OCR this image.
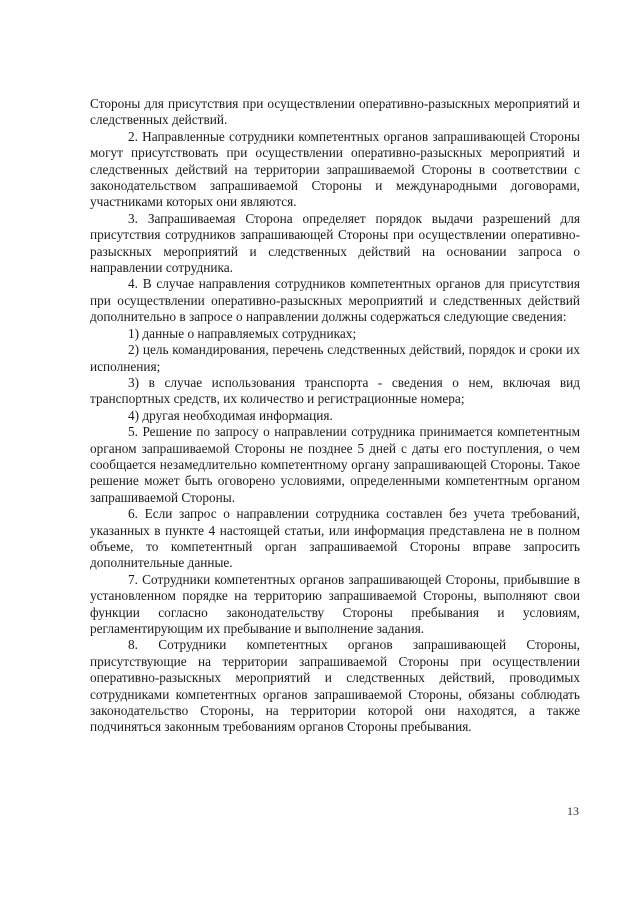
Стороны для присутствия при осуществлении оперативно-разыскных мероприятий и следственных действий.

2. Направленные сотрудники компетентных органов запрашивающей Стороны могут присутствовать при осуществлении оперативно-разыскных мероприятий и следственных действий на территории запрашиваемой Стороны в соответствии с законодательством запрашиваемой Стороны и международными договорами, участниками которых они являются.

3. Запрашиваемая Сторона определяет порядок выдачи разрешений для присутствия сотрудников запрашивающей Стороны при осуществлении оперативно-разыскных мероприятий и следственных действий на основании запроса о направлении сотрудника.

4. В случае направления сотрудников компетентных органов для присутствия при осуществлении оперативно-разыскных мероприятий и следственных действий дополнительно в запросе о направлении должны содержаться следующие сведения:

1) данные о направляемых сотрудниках;

2) цель командирования, перечень следственных действий, порядок и сроки их исполнения;

3) в случае использования транспорта - сведения о нем, включая вид транспортных средств, их количество и регистрационные номера;

4) другая необходимая информация.

5. Решение по запросу о направлении сотрудника принимается компетентным органом запрашиваемой Стороны не позднее 5 дней с даты его поступления, о чем сообщается незамедлительно компетентному органу запрашивающей Стороны. Такое решение может быть оговорено условиями, определенными компетентным органом запрашиваемой Стороны.

6. Если запрос о направлении сотрудника составлен без учета требований, указанных в пункте 4 настоящей статьи, или информация представлена не в полном объеме, то компетентный орган запрашиваемой Стороны вправе запросить дополнительные данные.

7. Сотрудники компетентных органов запрашивающей Стороны, прибывшие в установленном порядке на территорию запрашиваемой Стороны, выполняют свои функции согласно законодательству Стороны пребывания и условиям, регламентирующим их пребывание и выполнение задания.

8. Сотрудники компетентных органов запрашивающей Стороны, присутствующие на территории запрашиваемой Стороны при осуществлении оперативно-разыскных мероприятий и следственных действий, проводимых сотрудниками компетентных органов запрашиваемой Стороны, обязаны соблюдать законодательство Стороны, на территории которой они находятся, а также подчиняться законным требованиям органов Стороны пребывания.

13
